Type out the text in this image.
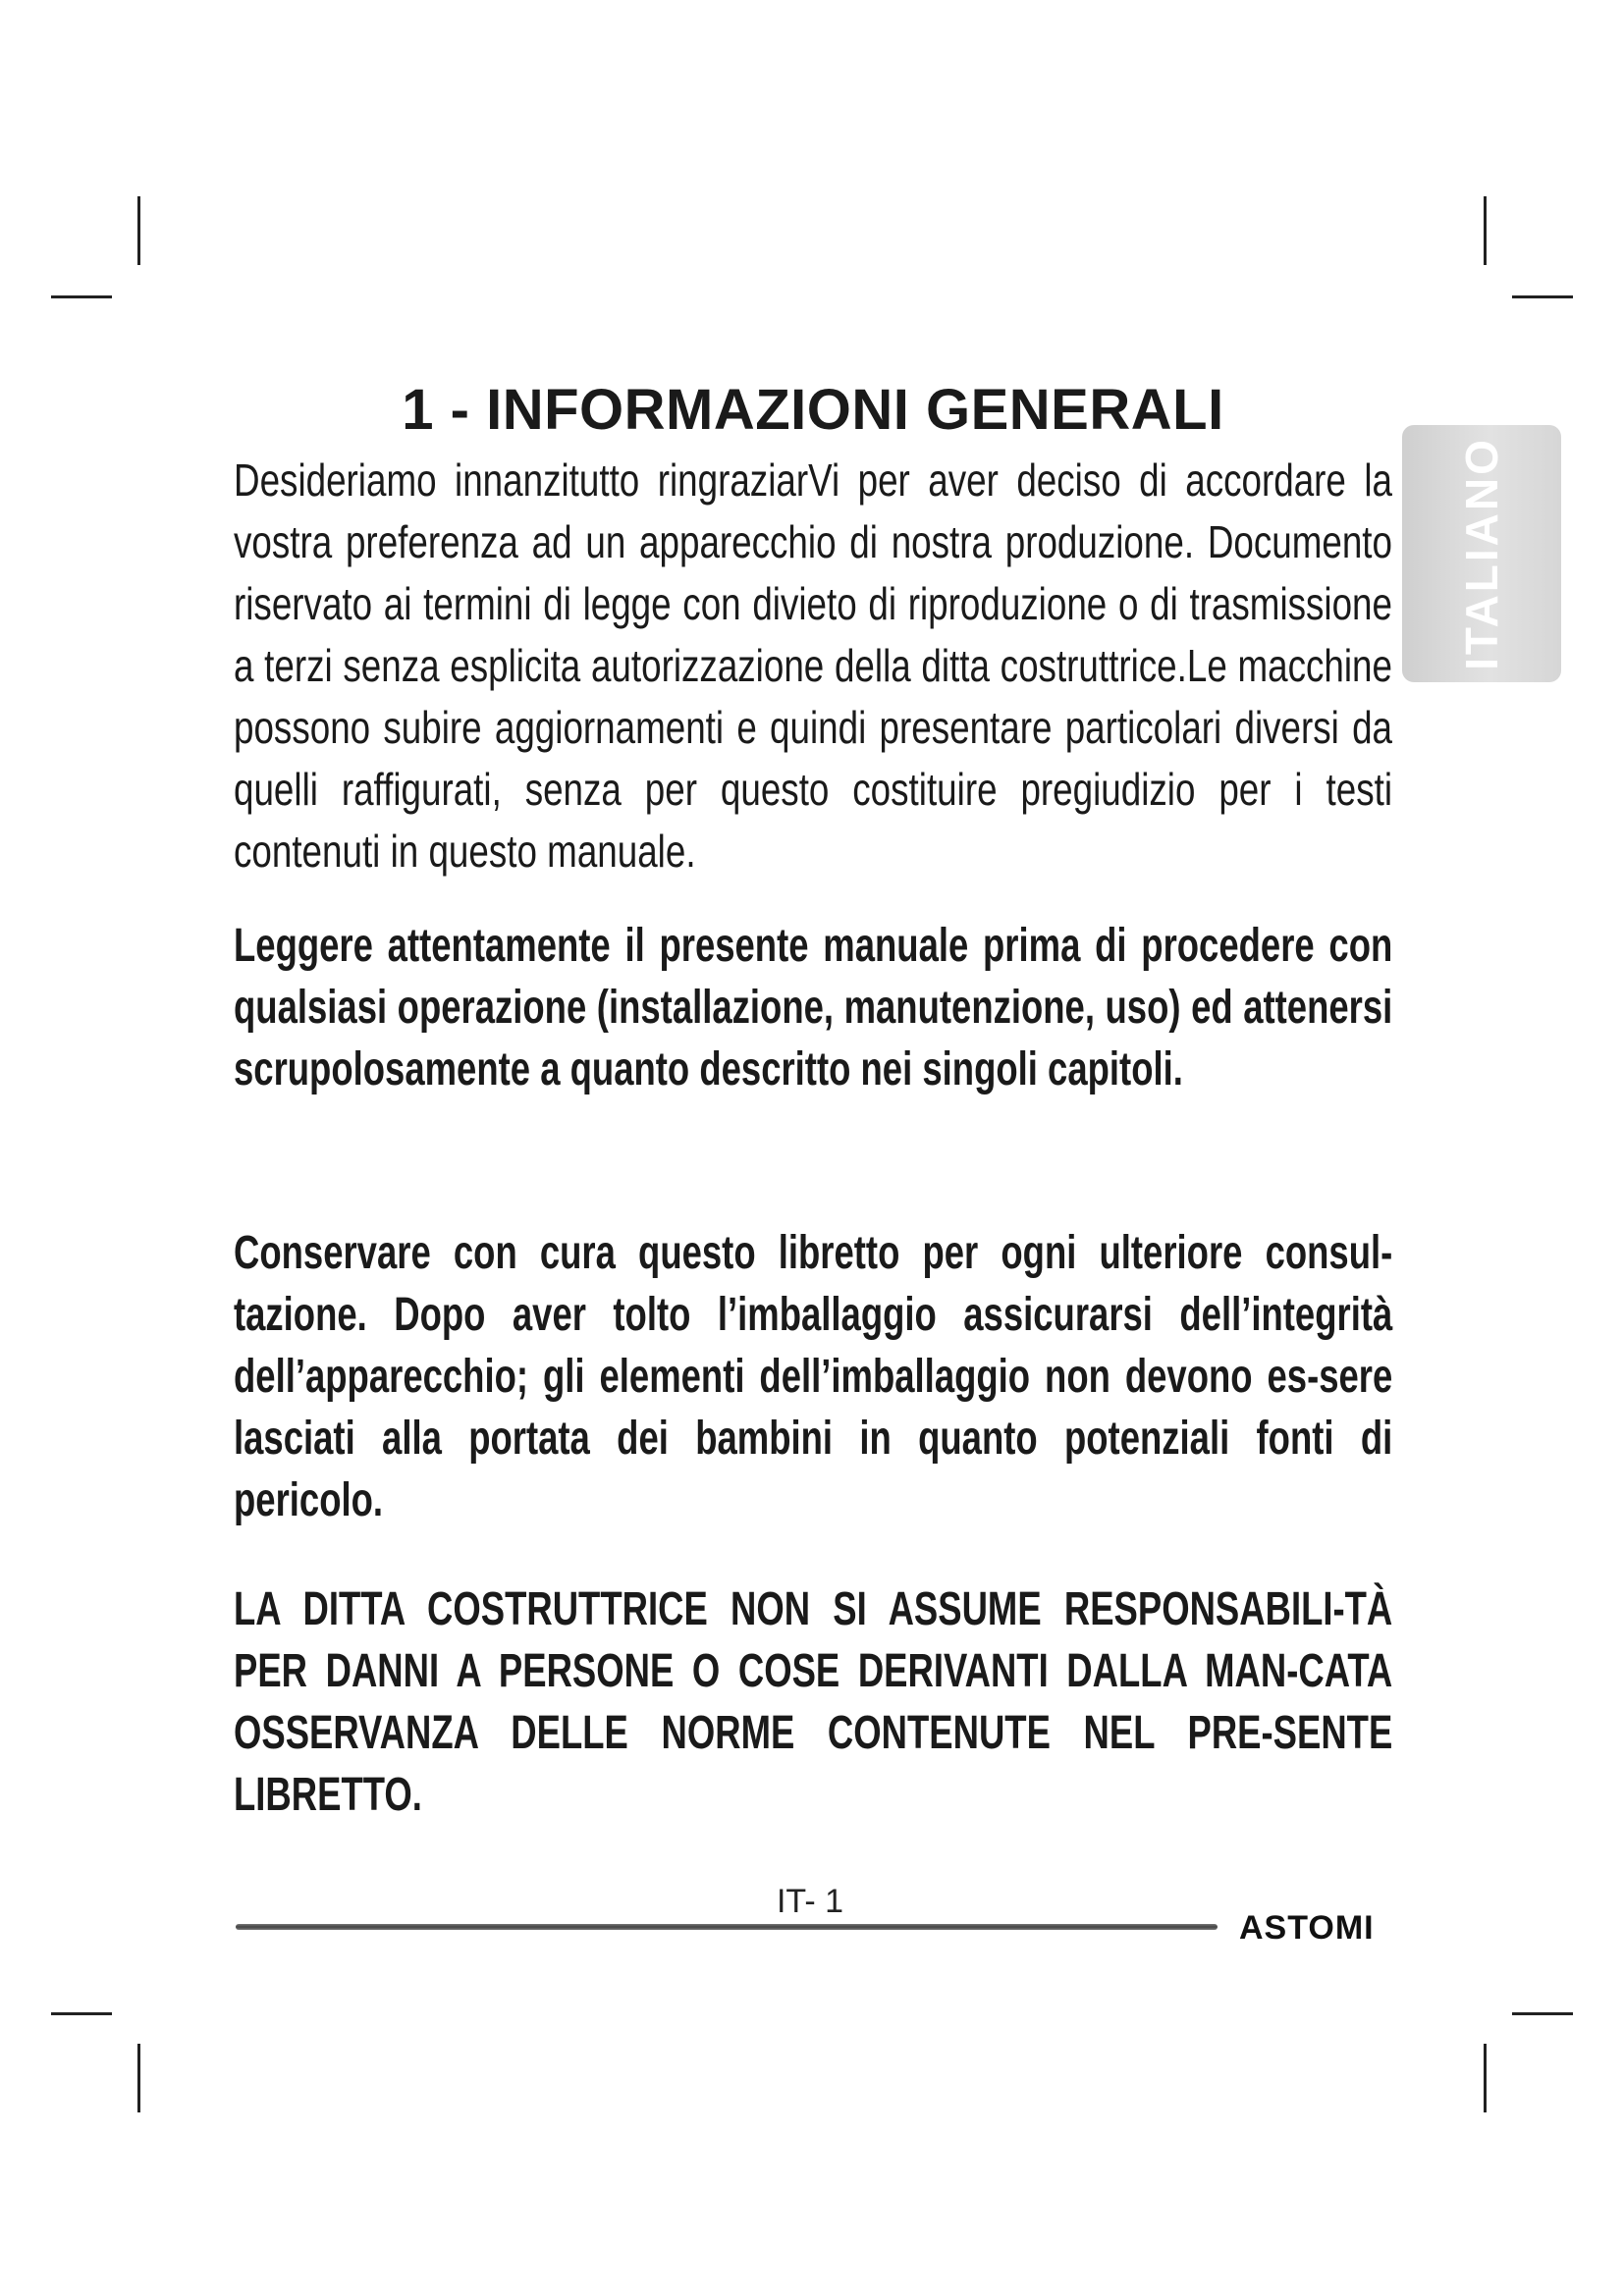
1 - INFORMAZIONI GENERALI

Desideriamo innanzitutto ringraziarVi per aver deciso di accordare la vostra preferenza ad un apparecchio di nostra produzione. Documento riservato ai termini di legge con divieto di riproduzione o di trasmissione a terzi senza esplicita autorizzazione della ditta costruttrice.Le macchine possono subire aggiornamenti e quindi presentare particolari diversi da quelli raffigurati, senza per questo costituire pregiudizio per i testi contenuti in questo manuale.

Leggere attentamente il presente manuale prima di procedere con qualsiasi operazione (installazione, manutenzione, uso) ed attenersi scrupolosamente a quanto descritto nei singoli capitoli.

Conservare con cura questo libretto per ogni ulteriore consul-tazione. Dopo aver tolto l’imballaggio assicurarsi dell’integrità dell’apparecchio; gli elementi dell’imballaggio non devono es-sere lasciati alla portata dei bambini in quanto potenziali fonti di pericolo.

LA DITTA COSTRUTTRICE NON SI ASSUME RESPONSABILI-TÀ PER DANNI A PERSONE O COSE DERIVANTI DALLA MAN-CATA OSSERVANZA DELLE NORME CONTENUTE NEL PRE-SENTE LIBRETTO.

ITALIANO
IT- 1
ASTOMI
